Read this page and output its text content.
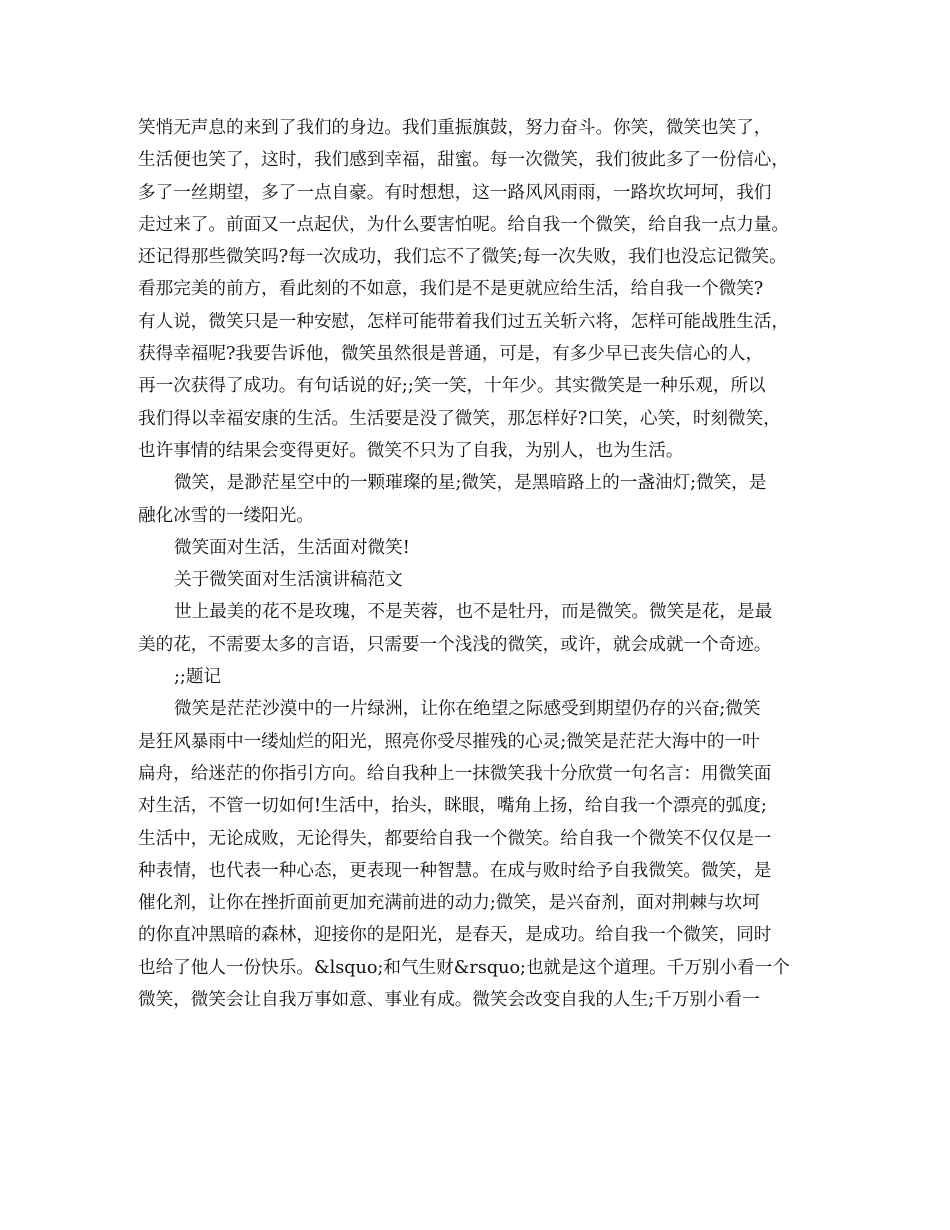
笑悄无声息的来到了我们的身边。我们重振旗鼓，努力奋斗。你笑，微笑也笑了，
生活便也笑了，这时，我们感到幸福，甜蜜。每一次微笑，我们彼此多了一份信心，
多了一丝期望，多了一点自豪。有时想想，这一路风风雨雨，一路坎坎坷坷，我们
走过来了。前面又一点起伏，为什么要害怕呢。给自我一个微笑，给自我一点力量。
还记得那些微笑吗?每一次成功，我们忘不了微笑;每一次失败，我们也没忘记微笑。
看那完美的前方，看此刻的不如意，我们是不是更就应给生活，给自我一个微笑?
有人说，微笑只是一种安慰，怎样可能带着我们过五关斩六将，怎样可能战胜生活，
获得幸福呢?我要告诉他，微笑虽然很是普通，可是，有多少早已丧失信心的人，
再一次获得了成功。有句话说的好;;笑一笑，十年少。其实微笑是一种乐观，所以
我们得以幸福安康的生活。生活要是没了微笑，那怎样好?口笑，心笑，时刻微笑，
也许事情的结果会变得更好。微笑不只为了自我，为别人，也为生活。
微笑，是渺茫星空中的一颗璀璨的星;微笑，是黑暗路上的一盏油灯;微笑，是
融化冰雪的一缕阳光。
微笑面对生活，生活面对微笑!
关于微笑面对生活演讲稿范文
世上最美的花不是玫瑰，不是芙蓉，也不是牡丹，而是微笑。微笑是花，是最
美的花，不需要太多的言语，只需要一个浅浅的微笑，或许，就会成就一个奇迹。
;;题记
微笑是茫茫沙漠中的一片绿洲，让你在绝望之际感受到期望仍存的兴奋;微笑
是狂风暴雨中一缕灿烂的阳光，照亮你受尽摧残的心灵;微笑是茫茫大海中的一叶
扁舟，给迷茫的你指引方向。给自我种上一抹微笑我十分欣赏一句名言：用微笑面
对生活，不管一切如何!生活中，抬头，眯眼，嘴角上扬，给自我一个漂亮的弧度;
生活中，无论成败，无论得失，都要给自我一个微笑。给自我一个微笑不仅仅是一
种表情，也代表一种心态，更表现一种智慧。在成与败时给予自我微笑。微笑，是
催化剂，让你在挫折面前更加充满前进的动力;微笑，是兴奋剂，面对荆棘与坎坷
的你直冲黑暗的森林，迎接你的是阳光，是春天，是成功。给自我一个微笑，同时
也给了他人一份快乐。&lsquo;和气生财&rsquo;也就是这个道理。千万别小看一个
微笑，微笑会让自我万事如意、事业有成。微笑会改变自我的人生;千万别小看一
